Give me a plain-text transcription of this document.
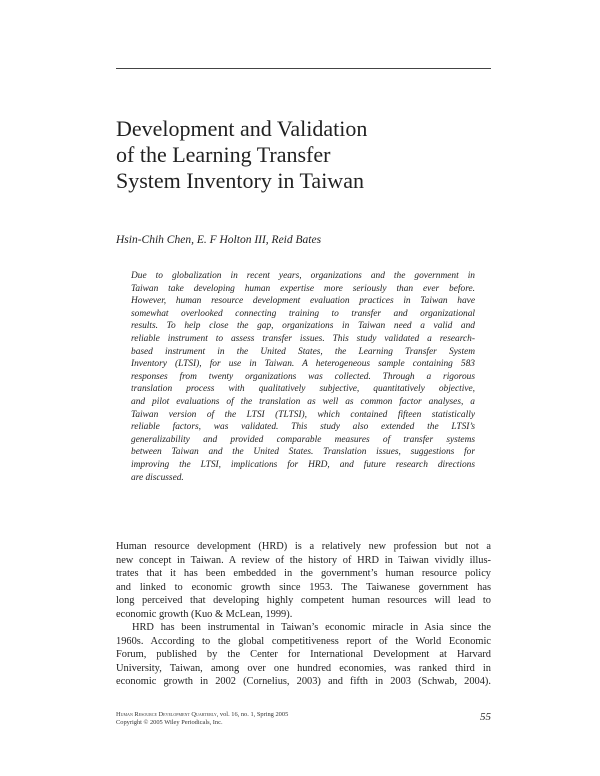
Development and Validation
of the Learning Transfer
System Inventory in Taiwan
Hsin-Chih Chen, E. F Holton III, Reid Bates
Due to globalization in recent years, organizations and the government in
Taiwan take developing human expertise more seriously than ever before.
However, human resource development evaluation practices in Taiwan have
somewhat overlooked connecting training to transfer and organizational
results. To help close the gap, organizations in Taiwan need a valid and
reliable instrument to assess transfer issues. This study validated a research-
based instrument in the United States, the Learning Transfer System
Inventory (LTSI), for use in Taiwan. A heterogeneous sample containing 583
responses from twenty organizations was collected. Through a rigorous
translation process with qualitatively subjective, quantitatively objective,
and pilot evaluations of the translation as well as common factor analyses, a
Taiwan version of the LTSI (TLTSI), which contained fifteen statistically
reliable factors, was validated. This study also extended the LTSI’s
generalizability and provided comparable measures of transfer systems
between Taiwan and the United States. Translation issues, suggestions for
improving the LTSI, implications for HRD, and future research directions
are discussed.
Human resource development (HRD) is a relatively new profession but not a
new concept in Taiwan. A review of the history of HRD in Taiwan vividly illus-
trates that it has been embedded in the government’s human resource policy
and linked to economic growth since 1953. The Taiwanese government has
long perceived that developing highly competent human resources will lead to
economic growth (Kuo & McLean, 1999).
HRD has been instrumental in Taiwan’s economic miracle in Asia since the
1960s. According to the global competitiveness report of the World Economic
Forum, published by the Center for International Development at Harvard
University, Taiwan, among over one hundred economies, was ranked third in
economic growth in 2002 (Cornelius, 2003) and fifth in 2003 (Schwab, 2004).
Human Resource Development Quarterly, vol. 16, no. 1, Spring 2005
Copyright © 2005 Wiley Periodicals, Inc.	55
